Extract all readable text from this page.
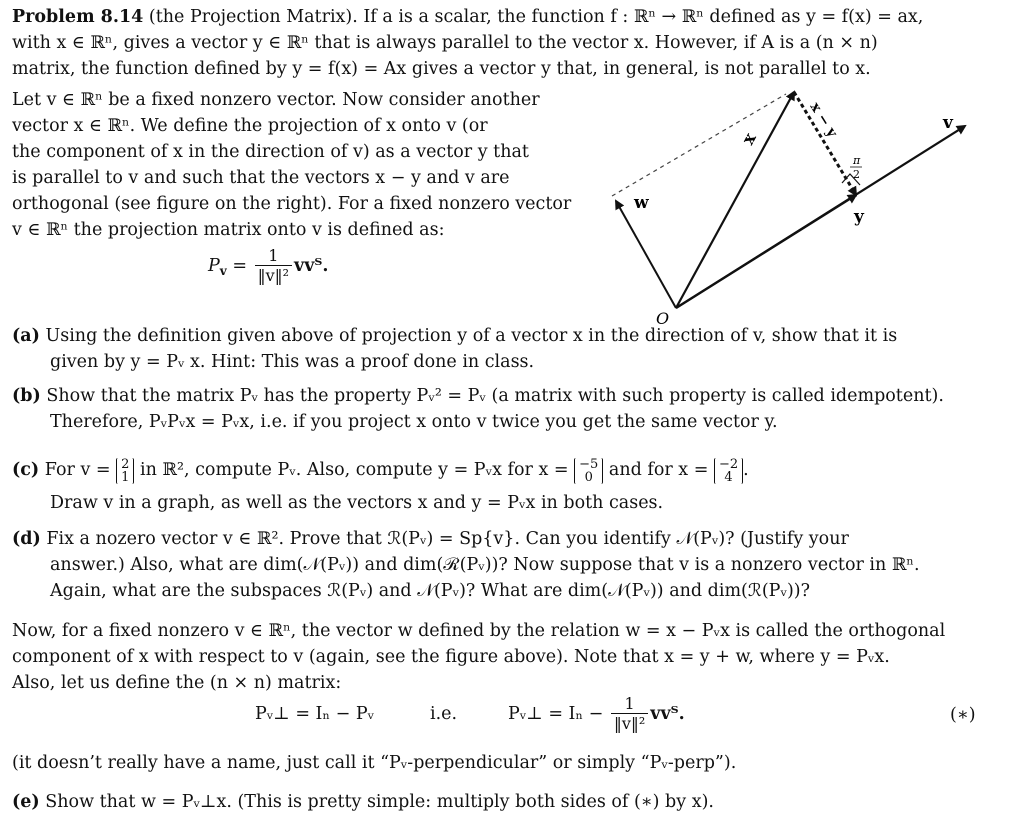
Problem 8.14 (the Projection Matrix). If a is a scalar, the function f : ℝⁿ → ℝⁿ defined as y = f(x) = ax,
with x ∈ ℝⁿ, gives a vector y ∈ ℝⁿ that is always parallel to the vector x. However, if A is a (n × n)
matrix, the function defined by y = f(x) = Ax gives a vector y that, in general, is not parallel to x.
Let v ∈ ℝⁿ be a fixed nonzero vector. Now consider another
vector x ∈ ℝⁿ. We define the projection of x onto v (or
the component of x in the direction of v) as a vector y that
is parallel to v and such that the vectors x − y and v are
orthogonal (see figure on the right). For a fixed nonzero vector
v ∈ ℝⁿ the projection matrix onto v is defined as:
$P_v = \frac{1}{\text{‖v‖²}}$ vvᵀ.
w
v
x
y
O
x − y
π
2
(a) Using the definition given above of projection y of a vector x in the direction of v, show that it is
given by y = Pᵥ x. Hint: This was a proof done in class.
(b) Show that the matrix Pᵥ has the property Pᵥ² = Pᵥ (a matrix with such property is called idempotent).
Therefore, PᵥPᵥx = Pᵥx, i.e. if you project x onto v twice you get the same vector y.
(c) For v = 2
1 in ℝ², compute Pᵥ. Also, compute y = Pᵥx for x = −5
0 and for x = −2
4 .
Draw v in a graph, as well as the vectors x and y = Pᵥx in both cases.
(d) Fix a nozero vector v ∈ ℝ². Prove that ℛ(Pᵥ) = Sp{v}. Can you identify 𝒩(Pᵥ)? (Justify your
answer.) Also, what are dim(𝒩(Pᵥ)) and dim(ℛ(Pᵥ))? Now suppose that v is a nonzero vector in ℝⁿ.
Again, what are the subspaces ℛ(Pᵥ) and 𝒩(Pᵥ)? What are dim(𝒩(Pᵥ)) and dim(ℛ(Pᵥ))?
Now, for a fixed nonzero v ∈ ℝⁿ, the vector w defined by the relation w = x − Pᵥx is called the orthogonal
component of x with respect to v (again, see the figure above). Note that x = y + w, where y = Pᵥx.
Also, let us define the (n × n) matrix:
Pᵥ⊥ = Iₙ − Pᵥ	i.e.	Pᵥ⊥ = $I_n - \frac{1}{\text{‖v‖²}}$ vvᵀ.	(∗)
(it doesn’t really have a name, just call it “Pᵥ-perpendicular” or simply “Pᵥ-perp”).
(e) Show that w = Pᵥ⊥x. (This is pretty simple: multiply both sides of (∗) by x).
